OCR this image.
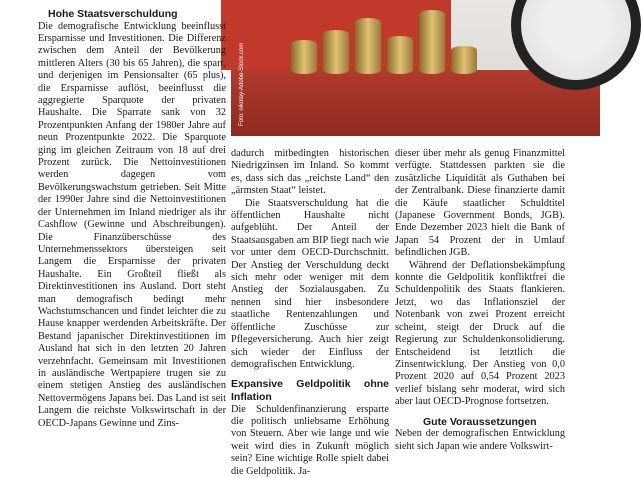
Foto: nikolay-Adobe-Stock.com
Hohe Staatsverschuldung

Die demografische Entwicklung beeinflusst Ersparnisse und Investitionen. Die Differenz zwischen dem Anteil der Bevölkerung mittleren Alters (30 bis 65 Jahren), die spart, und derjenigen im Pensionsalter (65 plus), die Ersparnisse auflöst, beeinflusst die aggregierte Sparquote der privaten Haushalte. Die Sparrate sank von 32 Prozentpunkten Anfang der 1980er Jahre auf neun Prozentpunkte 2022. Die Sparquote ging im gleichen Zeitraum von 18 auf drei Prozent zurück. Die Nettoinvestitionen werden dagegen vom Bevölkerungswachstum getrieben. Seit Mitte der 1990er Jahre sind die Nettoinvestitionen der Unternehmen im Inland niedriger als ihr Cashflow (Gewinne und Abschreibungen). Die Finanzüberschüsse des Unternehmenssektors übersteigen seit Langem die Ersparnisse der privaten Haushalte. Ein Großteil fließt als Direktinvestitionen ins Ausland. Dort steht man demografisch bedingt mehr Wachstumschancen und findet leichter die zu Hause knapper werdenden Arbeitskräfte. Der Bestand japanischer Direktinvestitionen im Ausland hat sich in den letzten 20 Jahren verzehnfacht. Gemeinsam mit Investitionen in ausländische Wertpapiere trugen sie zu einem stetigen Anstieg des ausländischen Nettovermögens Japans bei. Das Land ist seit Langem die reichste Volkswirtschaft in der OECD-Japans Gewinne und Zins-

dadurch mitbedingten historischen Niedrigzinsen im Inland. So kommt es, dass sich das „reichste Land“ den „ärmsten Staat“ leistet.

Die Staatsverschuldung hat die öffentlichen Haushalte nicht aufgeblüht. Der Anteil der Staatsausgaben am BIP liegt nach wie vor unter dem OECD-Durchschnitt. Der Anstieg der Verschuldung deckt sich mehr oder weniger mit dem Anstieg der Sozialausgaben. Zu nennen sind hier insbesondere staatliche Rentenzahlungen und öffentliche Zuschüsse zur Pflegeversicherung. Auch hier zeigt sich wieder der Einfluss der demografischen Entwicklung.

Expansive Geldpolitik ohne Inflation

Die Schuldenfinanzierung ersparte die politisch unliebsame Erhöhung von Steuern. Aber wie lange und wie weit wird dies in Zukunft möglich sein? Eine wichtige Rolle spielt dabei die Geldpolitik. Ja-

dieser über mehr als genug Finanzmittel verfügte. Stattdessen parkten sie die zusätzliche Liquidität als Guthaben bei der Zentralbank. Diese finanzierte damit die Käufe staatlicher Schuldtitel (Japanese Government Bonds, JGB). Ende Dezember 2023 hielt die Bank of Japan 54 Prozent der in Umlauf befindlichen JGB.

Während der Deflationsbekämpfung konnte die Geldpolitik konfliktfrei die Schuldenpolitik des Staats flankieren. Jetzt, wo das Inflationsziel der Notenbank von zwei Prozent erreicht scheint, steigt der Druck auf die Regierung zur Schuldenkonsolidierung. Entscheidend ist letztlich die Zinsentwicklung. Der Anstieg von 0,0 Prozent 2020 auf 0,54 Prozent 2023 verlief bislang sehr moderat, wird sich aber laut OECD-Prognose fortsetzen.

Gute Voraussetzungen

Neben der demografischen Entwicklung sieht sich Japan wie andere Volkswirt-
